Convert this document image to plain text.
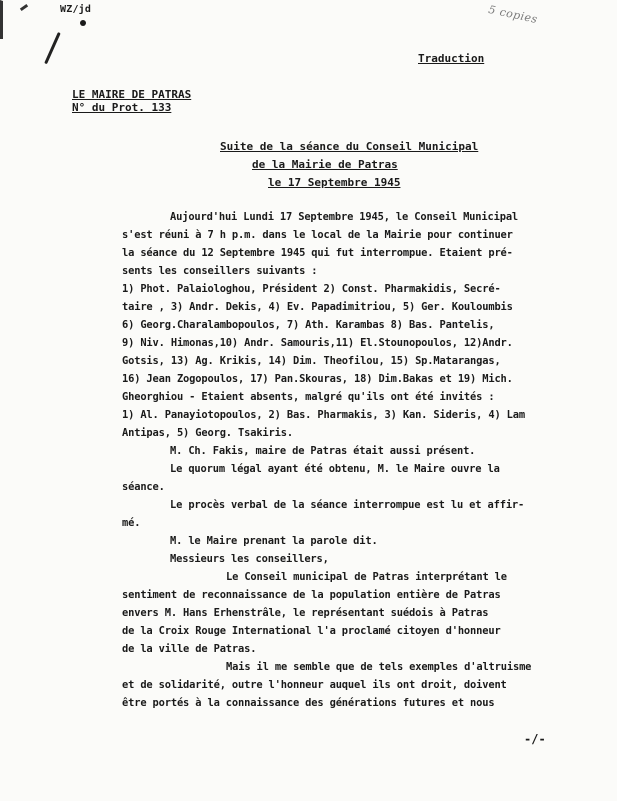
WZ/jd	5 copies
Traduction
LE MAIRE DE PATRAS
N° du Prot. 133
Suite de la séance du Conseil Municipal
de la Mairie de Patras
le 17 Septembre 1945
Aujourd'hui Lundi 17 Septembre 1945, le Conseil Municipal
s'est réuni à 7 h p.m. dans le local de la Mairie pour continuer
la séance du 12 Septembre 1945 qui fut interrompue. Etaient pré-
sents les conseillers suivants :
1) Phot. Palaiologhou, Président 2) Const. Pharmakidis, Secré-
taire , 3) Andr. Dekis, 4) Ev. Papadimitriou, 5) Ger. Kouloumbis
6) Georg.Charalambopoulos, 7) Ath. Karambas 8) Bas. Pantelis,
9) Niv. Himonas,10) Andr. Samouris,11) El.Stounopoulos, 12)Andr.
Gotsis, 13) Ag. Krikis, 14) Dim. Theofilou, 15) Sp.Matarangas,
16) Jean Zogopoulos, 17) Pan.Skouras, 18) Dim.Bakas et 19) Mich.
Gheorghiou - Etaient absents, malgré qu'ils ont été invités :
1) Al. Panayiotopoulos, 2) Bas. Pharmakis, 3) Kan. Sideris, 4) Lam
Antipas, 5) Georg. Tsakiris.
M. Ch. Fakis, maire de Patras était aussi présent.
Le quorum légal ayant été obtenu, M. le Maire ouvre la
séance.
Le procès verbal de la séance interrompue est lu et affir-
mé.
M. le Maire prenant la parole dit.
Messieurs les conseillers,
Le Conseil municipal de Patras interprétant le
sentiment de reconnaissance de la population entière de Patras
envers M. Hans Erhenstrâle, le représentant suédois à Patras
de la Croix Rouge International l'a proclamé citoyen d'honneur
de la ville de Patras.
Mais il me semble que de tels exemples d'altruisme
et de solidarité, outre l'honneur auquel ils ont droit, doivent
être portés à la connaissance des générations futures et nous
-/-
